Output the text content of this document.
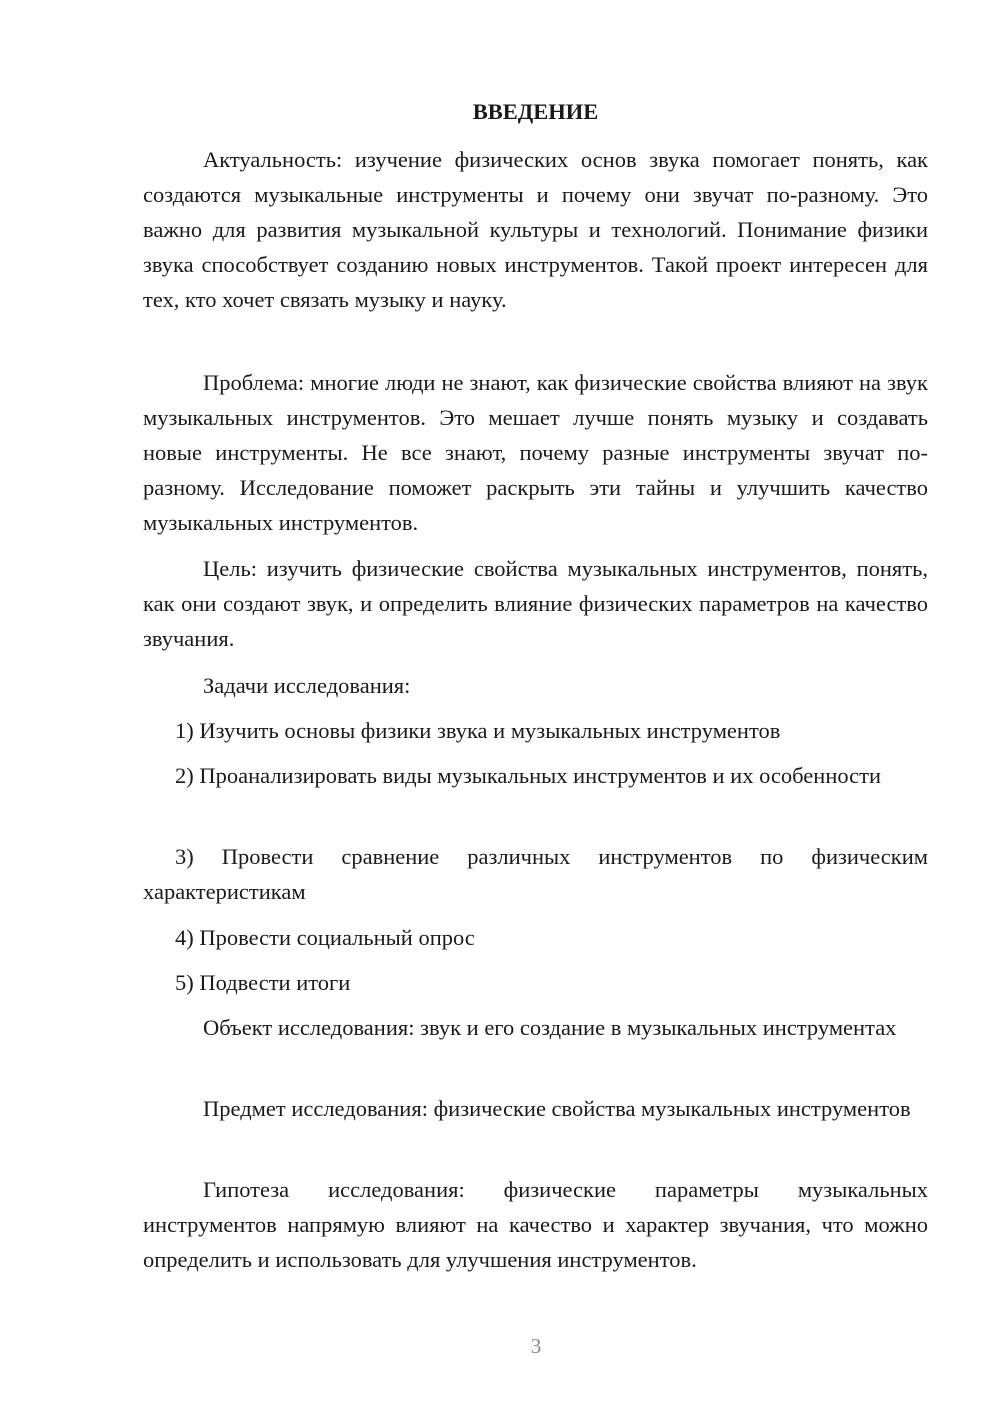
ВВЕДЕНИЕ

Актуальность: изучение физических основ звука помогает понять, как создаются музыкальные инструменты и почему они звучат по-разному. Это важно для развития музыкальной культуры и технологий. Понимание физики звука способствует созданию новых инструментов. Такой проект интересен для тех, кто хочет связать музыку и науку.

Проблема: многие люди не знают, как физические свойства влияют на звук музыкальных инструментов. Это мешает лучше понять музыку и создавать новые инструменты. Не все знают, почему разные инструменты звучат по-разному. Исследование поможет раскрыть эти тайны и улучшить качество музыкальных инструментов.

Цель: изучить физические свойства музыкальных инструментов, понять, как они создают звук, и определить влияние физических параметров на качество звучания.

Задачи исследования:

1) Изучить основы физики звука и музыкальных инструментов

2) Проанализировать виды музыкальных инструментов и их особенности

3) Провести сравнение различных инструментов по физическим характеристикам

4) Провести социальный опрос

5) Подвести итоги

Объект исследования: звук и его создание в музыкальных инструментах

Предмет исследования: физические свойства музыкальных инструментов

Гипотеза исследования: физические параметры музыкальных инструментов напрямую влияют на качество и характер звучания, что можно определить и использовать для улучшения инструментов.

3
